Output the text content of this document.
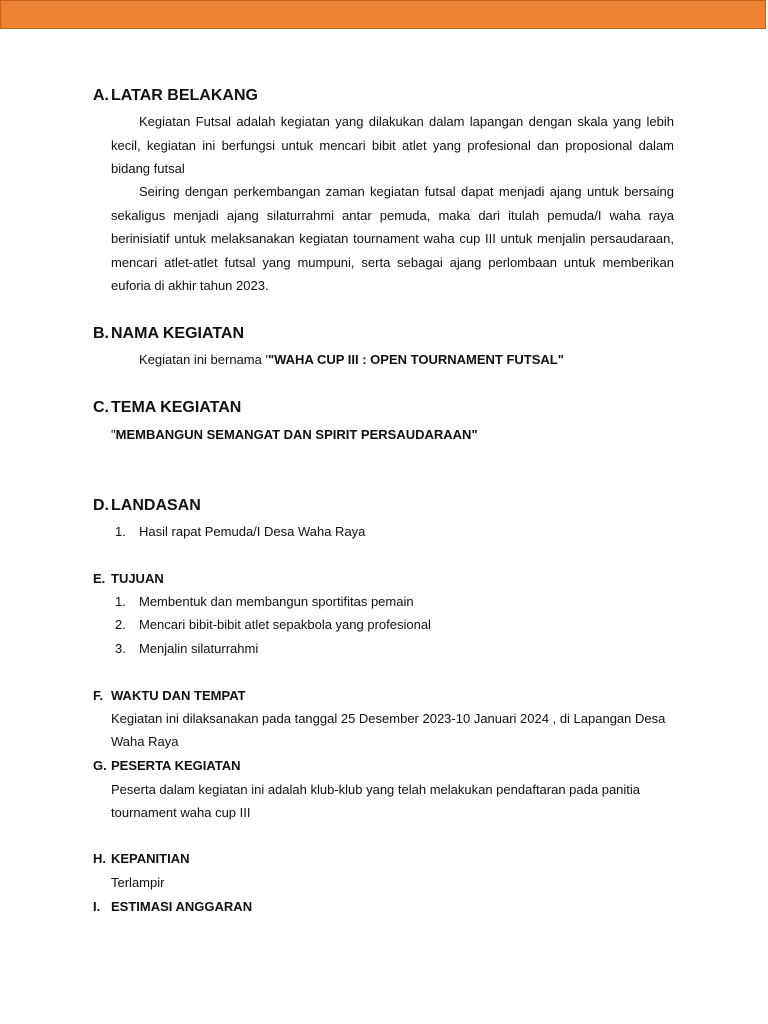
A. LATAR BELAKANG

Kegiatan Futsal adalah kegiatan yang dilakukan dalam lapangan dengan skala yang lebih kecil, kegiatan ini berfungsi untuk mencari bibit atlet yang profesional dan proposional dalam bidang futsal

Seiring dengan perkembangan zaman kegiatan futsal dapat menjadi ajang untuk bersaing sekaligus menjadi ajang silaturrahmi antar pemuda, maka dari itulah pemuda/I waha raya berinisiatif untuk melaksanakan kegiatan tournament waha cup III untuk menjalin persaudaraan, mencari atlet-atlet futsal yang mumpuni, serta sebagai ajang perlombaan untuk memberikan euforia di akhir tahun 2023.

B. NAMA KEGIATAN
Kegiatan ini bernama '"WAHA CUP III : OPEN TOURNAMENT FUTSAL"
C. TEMA KEGIATAN
"MEMBANGUN SEMANGAT DAN SPIRIT PERSAUDARAAN"
D. LANDASAN
1. Hasil rapat Pemuda/I Desa Waha Raya
E. TUJUAN
1. Membentuk dan membangun sportifitas pemain
2. Mencari bibit-bibit atlet sepakbola yang profesional
3. Menjalin silaturrahmi
F. WAKTU DAN TEMPAT
Kegiatan ini dilaksanakan pada tanggal 25 Desember 2023-10 Januari 2024 , di Lapangan Desa
Waha Raya
G. PESERTA KEGIATAN
Peserta dalam kegiatan ini adalah klub-klub yang telah melakukan pendaftaran pada panitia
tournament waha cup III
H. KEPANITIAN
Terlampir
I. ESTIMASI ANGGARAN
